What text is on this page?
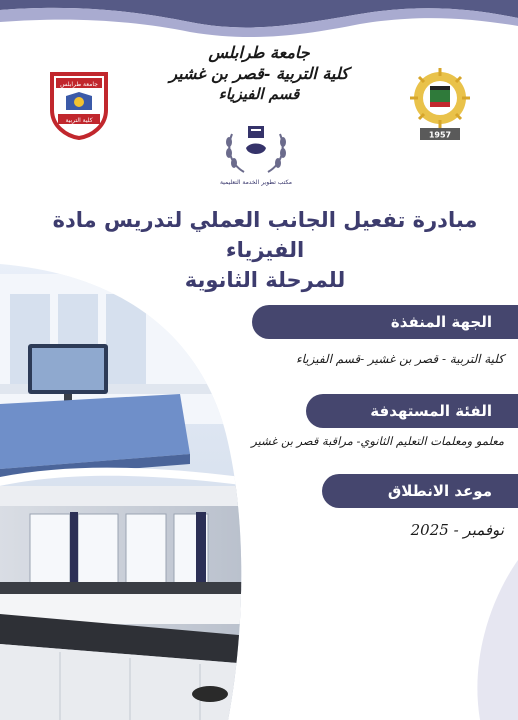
جامعة طرابلس
كلية التربية
1957
مكتب تطوير الخدمة التعليمية
جامعة طرابلس
كلية التربية -قصر بن غشير
قسم الفيزياء
مبادرة تفعيل الجانب العملي لتدريس مادة الفيزياء
للمرحلة الثانوية
الجهة المنفذة
كلية التربية - قصر بن غشير -قسم الفيزياء
الفئة المستهدفة
معلمو ومعلمات التعليم الثانوي- مراقبة قصر بن غشير
موعد الانطلاق
نوفمبر - 2025
